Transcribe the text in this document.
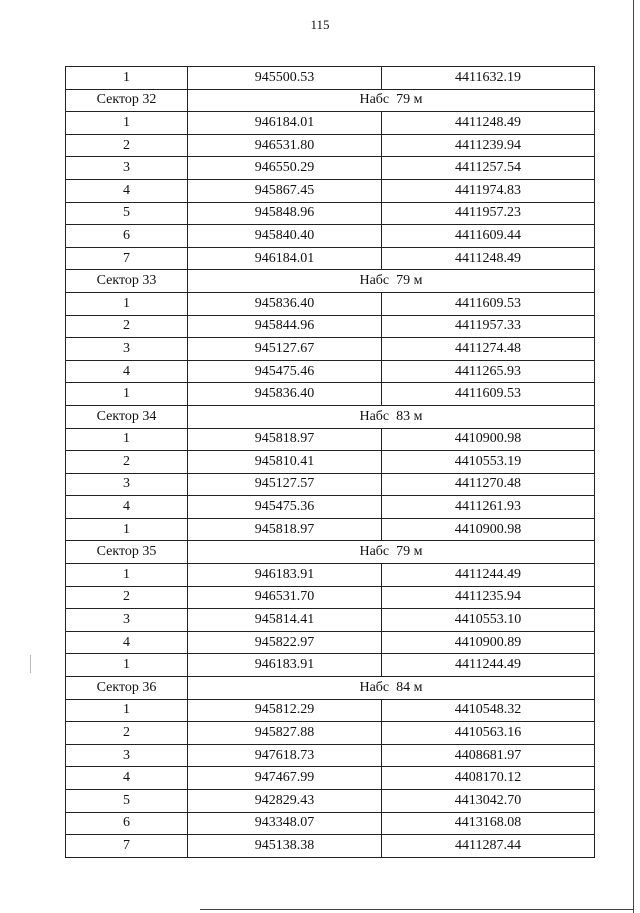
115
1	945500.53	4411632.19
Сектор 32	Набс  79 м	
1	946184.01	4411248.49
2	946531.80	4411239.94
3	946550.29	4411257.54
4	945867.45	4411974.83
5	945848.96	4411957.23
6	945840.40	4411609.44
7	946184.01	4411248.49
Сектор 33	Набс  79 м	
1	945836.40	4411609.53
2	945844.96	4411957.33
3	945127.67	4411274.48
4	945475.46	4411265.93
1	945836.40	4411609.53
Сектор 34	Набс  83 м	
1	945818.97	4410900.98
2	945810.41	4410553.19
3	945127.57	4411270.48
4	945475.36	4411261.93
1	945818.97	4410900.98
Сектор 35	Набс  79 м	
1	946183.91	4411244.49
2	946531.70	4411235.94
3	945814.41	4410553.10
4	945822.97	4410900.89
1	946183.91	4411244.49
Сектор 36	Набс  84 м	
1	945812.29	4410548.32
2	945827.88	4410563.16
3	947618.73	4408681.97
4	947467.99	4408170.12
5	942829.43	4413042.70
6	943348.07	4413168.08
7	945138.38	4411287.44
